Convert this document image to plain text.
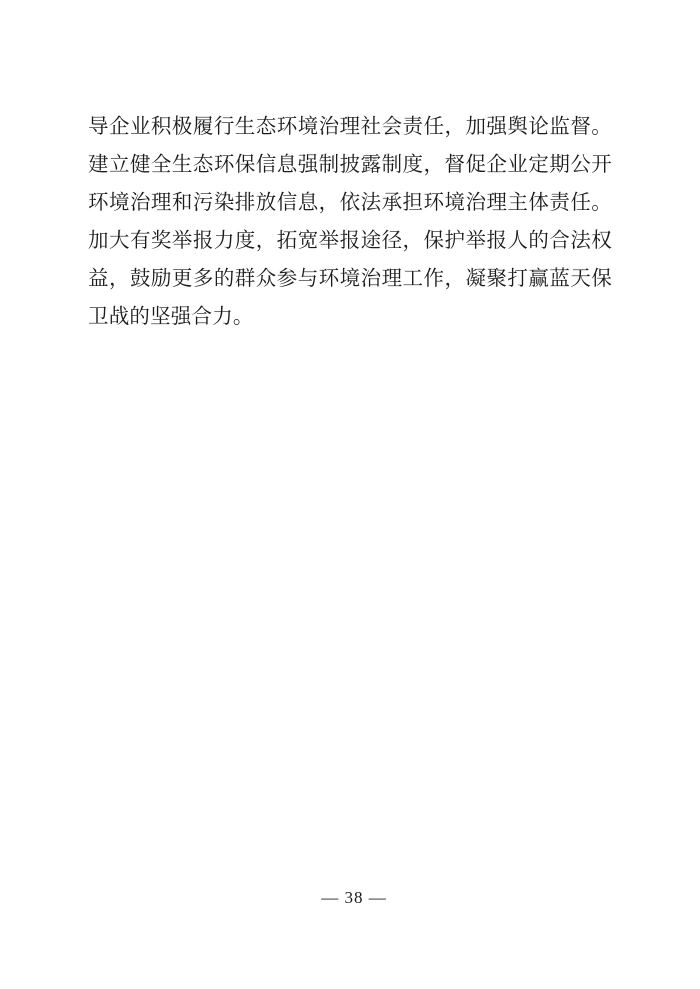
导企业积极履行生态环境治理社会责任，加强舆论监督。建立健全生态环保信息强制披露制度，督促企业定期公开环境治理和污染排放信息，依法承担环境治理主体责任。加大有奖举报力度，拓宽举报途径，保护举报人的合法权益，鼓励更多的群众参与环境治理工作，凝聚打赢蓝天保卫战的坚强合力。

— 38 —
